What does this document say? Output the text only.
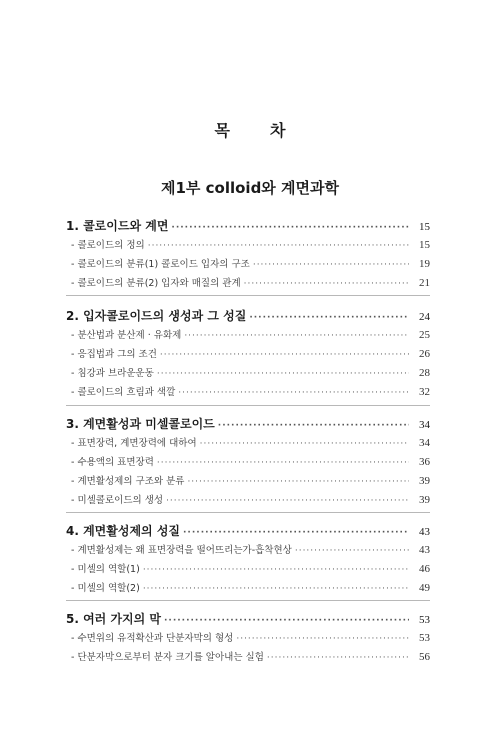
목	차
제1부 colloid와 계면과학
1. 콜로이드와 계면 ·····	15
- 콜로이드의 정의 ·····	15
- 콜로이드의 분류(1) 콜로이드 입자의 구조 ·····	19
- 콜로이드의 분류(2) 입자와 매질의 관계 ·····	21
2. 입자콜로이드의 생성과 그 성질 ·····	24
- 분산법과 분산제 · 유화제 ·····	25
- 응집법과 그의 조건 ·····	26
- 침강과 브라운운동 ·····	28
- 콜로이드의 흐림과 색깔 ·····	32
3. 계면활성과 미셀콜로이드 ·····	34
- 표면장력, 계면장력에 대하여 ·····	34
- 수용액의 표면장력 ·····	36
- 계면활성제의 구조와 분류 ·····	39
- 미셀콜로이드의 생성 ·····	39
4. 계면활성제의 성질 ·····	43
- 계면활성제는 왜 표면장력을 떨어뜨리는가-흡착현상 ·····	43
- 미셀의 역할(1) ·····	46
- 미셀의 역할(2) ·····	49
5. 여러 가지의 막 ·····	53
- 수면위의 유적확산과 단분자막의 형성 ·····	53
- 단분자막으로부터 분자 크기를 알아내는 실험 ·····	56
